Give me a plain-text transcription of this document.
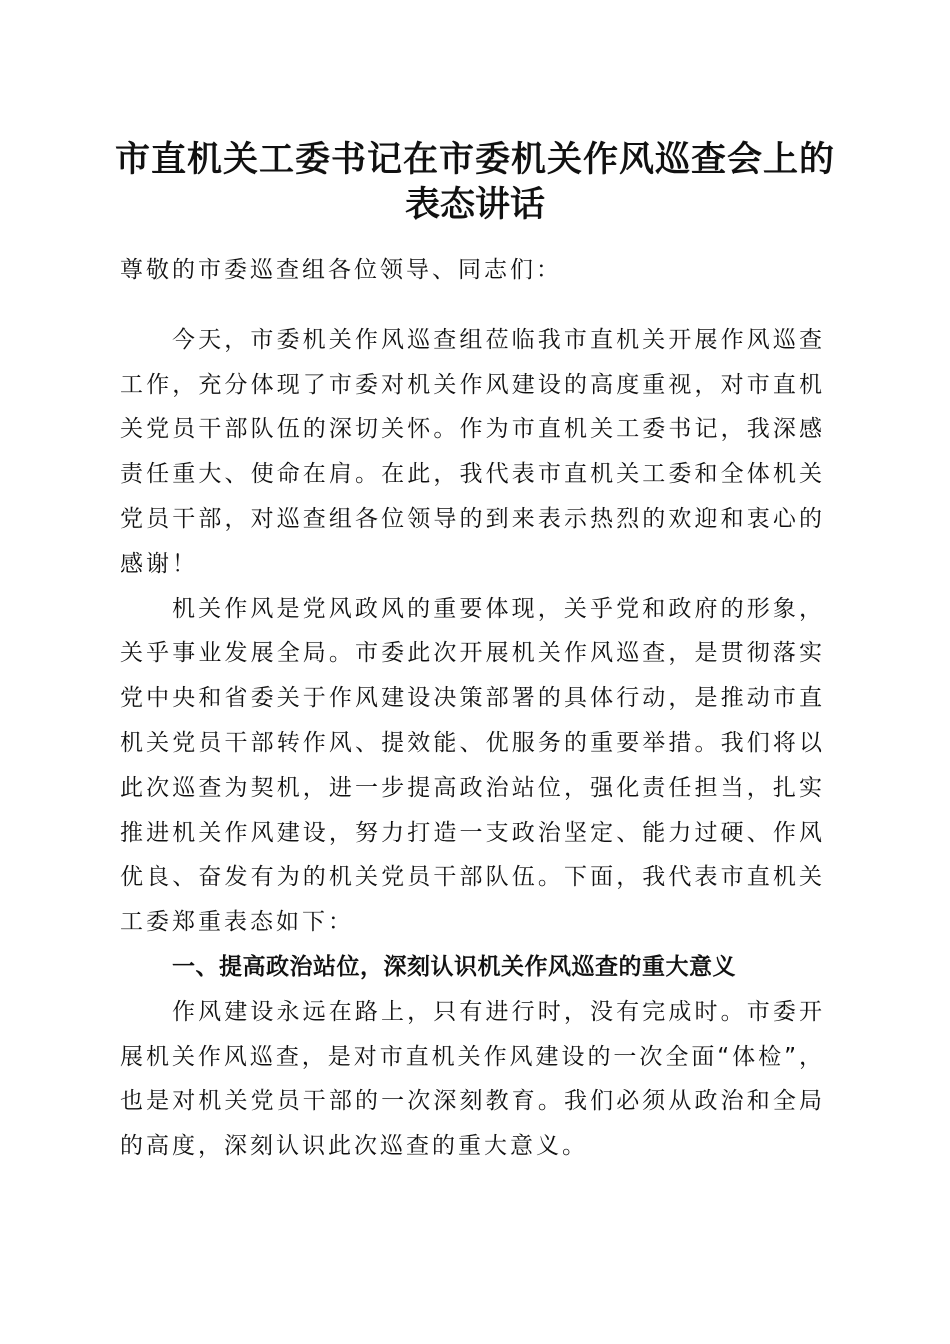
市直机关工委书记在市委机关作风巡查会上的
表态讲话
尊敬的市委巡查组各位领导、同志们：
今天，市委机关作风巡查组莅临我市直机关开展作风巡查
工作，充分体现了市委对机关作风建设的高度重视，对市直机
关党员干部队伍的深切关怀。作为市直机关工委书记，我深感
责任重大、使命在肩。在此，我代表市直机关工委和全体机关
党员干部，对巡查组各位领导的到来表示热烈的欢迎和衷心的
感谢！
机关作风是党风政风的重要体现，关乎党和政府的形象，
关乎事业发展全局。市委此次开展机关作风巡查，是贯彻落实
党中央和省委关于作风建设决策部署的具体行动，是推动市直
机关党员干部转作风、提效能、优服务的重要举措。我们将以
此次巡查为契机，进一步提高政治站位，强化责任担当，扎实
推进机关作风建设，努力打造一支政治坚定、能力过硬、作风
优良、奋发有为的机关党员干部队伍。下面，我代表市直机关
工委郑重表态如下：
一、提高政治站位，深刻认识机关作风巡查的重大意义
作风建设永远在路上，只有进行时，没有完成时。市委开
展机关作风巡查，是对市直机关作风建设的一次全面“体检”，
也是对机关党员干部的一次深刻教育。我们必须从政治和全局
的高度，深刻认识此次巡查的重大意义。
